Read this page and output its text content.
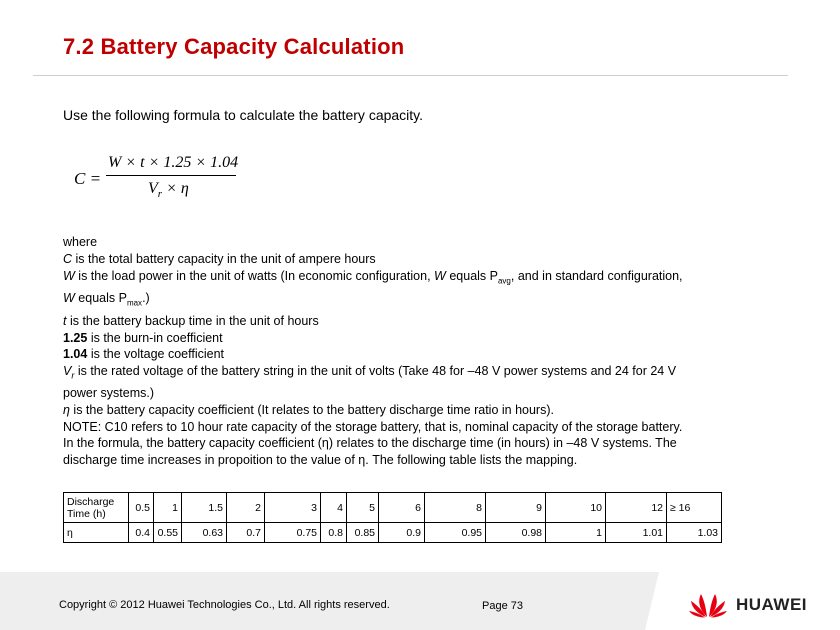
7.2 Battery Capacity Calculation
Use the following formula to calculate the battery capacity.
C =
W × t × 1.25 × 1.04
$V_r \times \eta$
where
C is the total battery capacity in the unit of ampere hours
W is the load power in the unit of watts (In economic configuration, W equals $P_{avg}$, and in standard configuration,
W equals $P_{max}$.)
t is the battery backup time in the unit of hours
1.25 is the burn-in coefficient
1.04 is the voltage coefficient
$V_r$ is the rated voltage of the battery string in the unit of volts (Take 48 for –48 V power systems and 24 for 24 V
power systems.)
η is the battery capacity coefficient (It relates to the battery discharge time ratio in hours).
NOTE: C10 refers to 10 hour rate capacity of the storage battery, that is, nominal capacity of the storage battery.
In the formula, the battery capacity coefficient (η) relates to the discharge time (in hours) in –48 V systems. The
discharge time increases in propoition to the value of η. The following table lists the mapping.
Discharge Time (h)	0.5	1	1.5	2	3	4	5	6	8	9	10	12	≥ 16
η	0.4	0.55	0.63	0.7	0.75	0.8	0.85	0.9	0.95	0.98	1	1.01	1.03
Copyright © 2012 Huawei Technologies Co., Ltd. All rights reserved.	Page 73	HUAWEI
